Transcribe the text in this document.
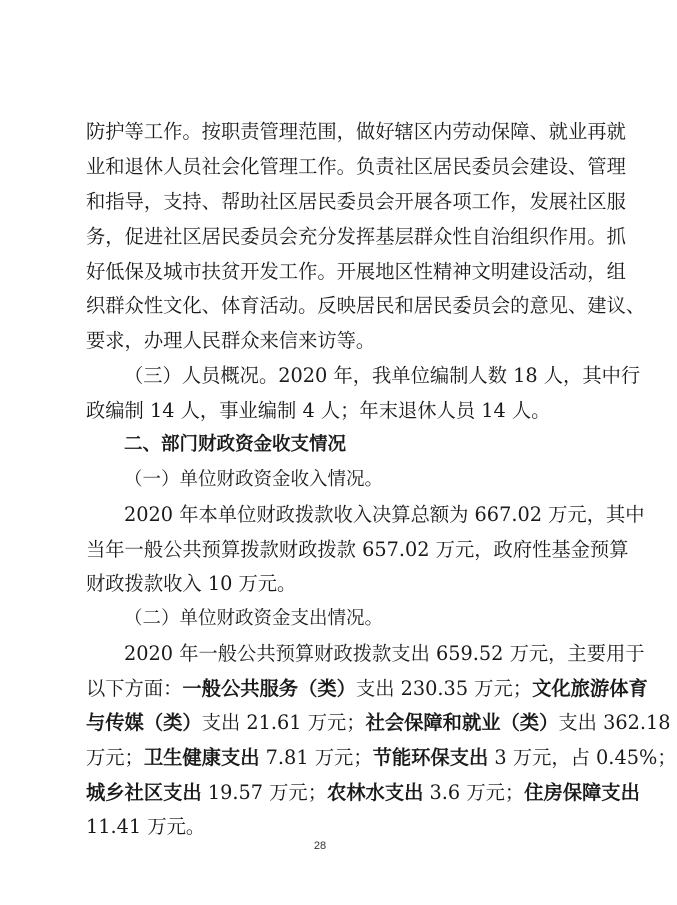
防护等工作。按职责管理范围，做好辖区内劳动保障、就业再就
业和退休人员社会化管理工作。负责社区居民委员会建设、管理
和指导，支持、帮助社区居民委员会开展各项工作，发展社区服
务，促进社区居民委员会充分发挥基层群众性自治组织作用。抓
好低保及城市扶贫开发工作。开展地区性精神文明建设活动，组
织群众性文化、体育活动。反映居民和居民委员会的意见、建议、
要求，办理人民群众来信来访等。
（三）人员概况。2020 年，我单位编制人数 18 人，其中行
政编制 14 人，事业编制 4 人；年末退休人员 14 人。
二、部门财政资金收支情况
（一）单位财政资金收入情况。
2020 年本单位财政拨款收入决算总额为 667.02 万元，其中
当年一般公共预算拨款财政拨款 657.02 万元，政府性基金预算
财政拨款收入 10 万元。
（二）单位财政资金支出情况。
2020 年一般公共预算财政拨款支出 659.52 万元，主要用于
以下方面：一般公共服务（类）支出 230.35 万元；文化旅游体育
与传媒（类）支出 21.61 万元；社会保障和就业（类）支出 362.18
万元；卫生健康支出 7.81 万元；节能环保支出 3 万元，占 0.45%；
城乡社区支出 19.57 万元；农林水支出 3.6 万元；住房保障支出
11.41 万元。
28
